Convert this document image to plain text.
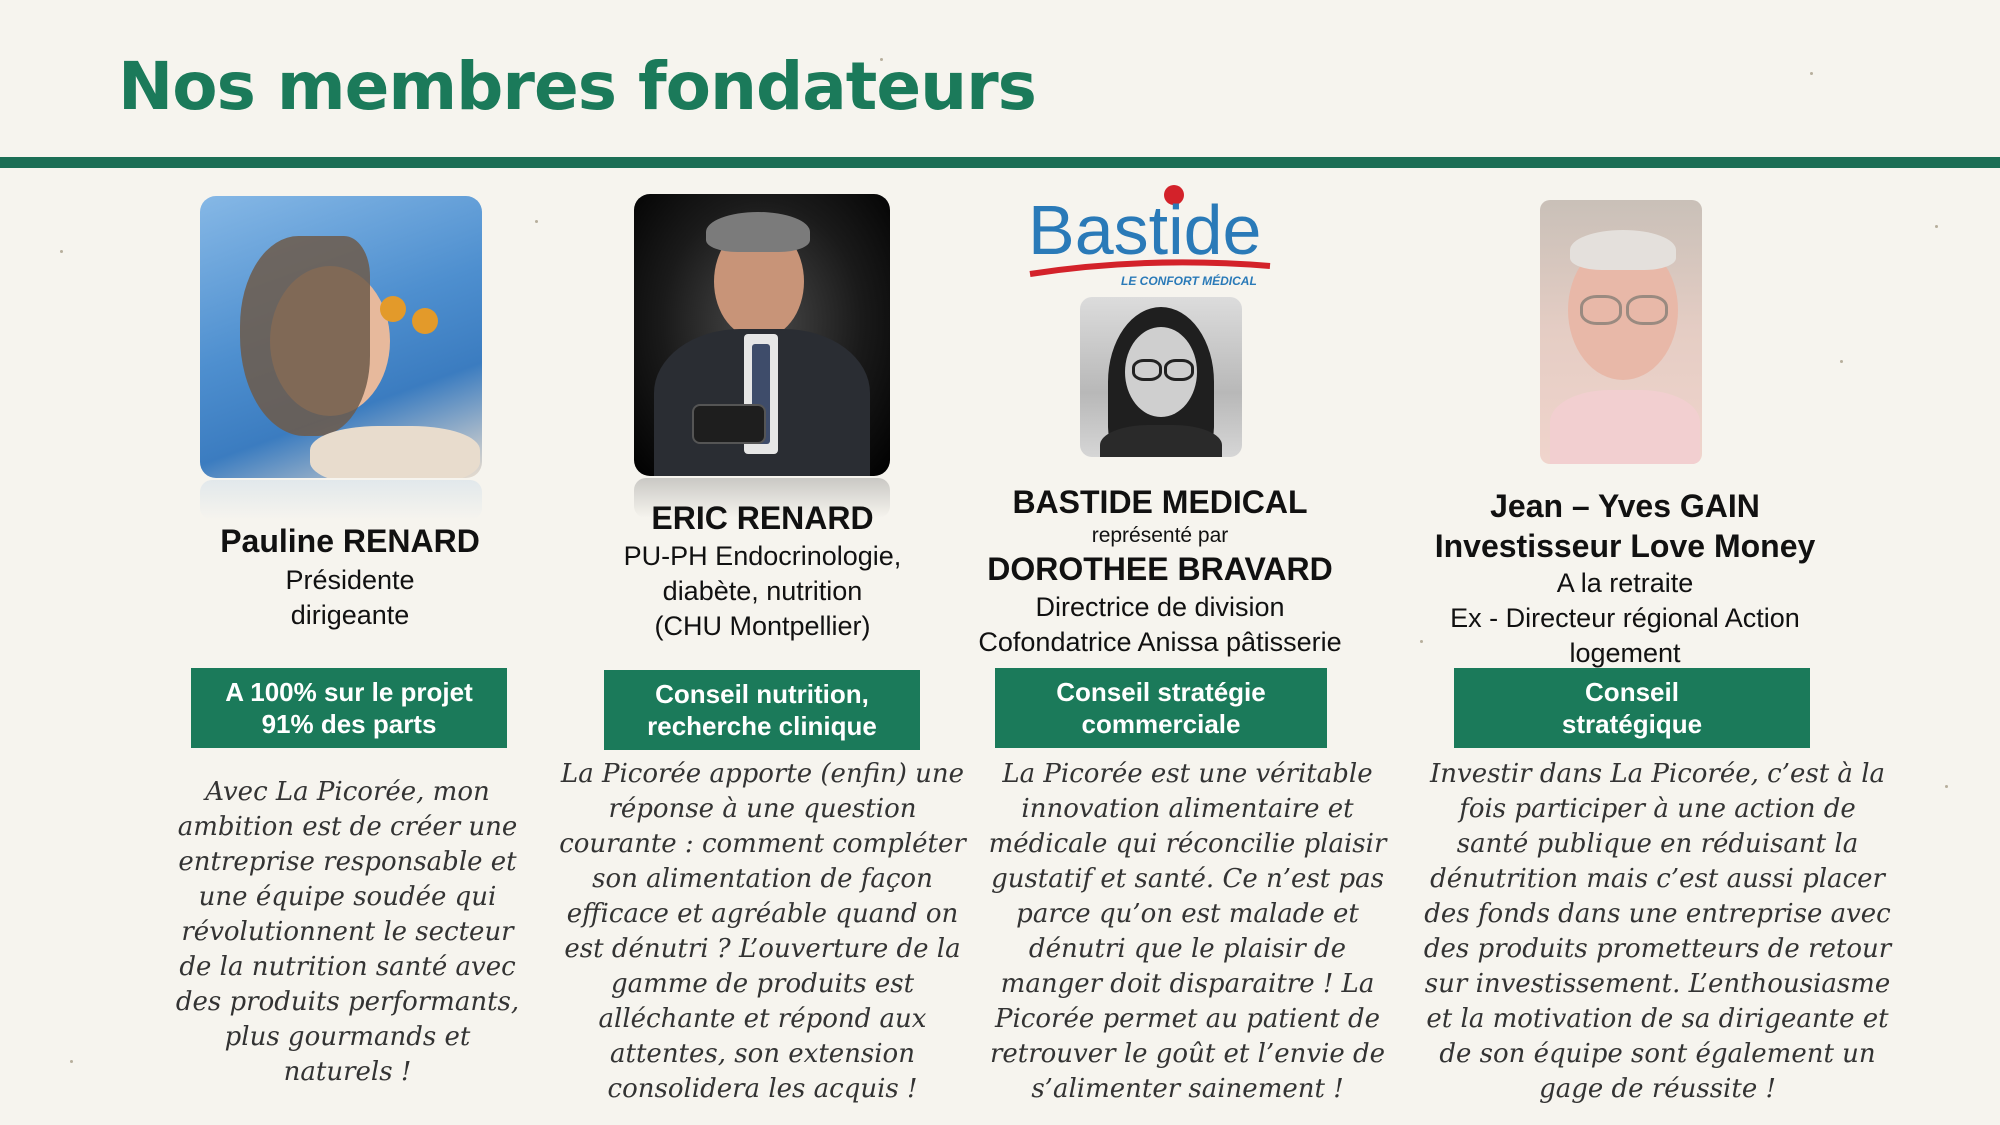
Nos membres fondateurs
Pauline RENARD
Présidente
dirigeante
A 100% sur le projet
91% des parts
Avec La Picorée, mon ambition est de créer une entreprise responsable et une équipe soudée qui révolutionnent le secteur de la nutrition santé avec des produits performants, plus gourmands et naturels !
ERIC RENARD
PU-PH Endocrinologie,
diabète, nutrition
(CHU Montpellier)
Conseil nutrition,
recherche clinique
La Picorée apporte (enfin) une réponse à une question courante : comment compléter son alimentation de façon efficace et agréable quand on est dénutri ? L’ouverture de la gamme de produits est alléchante et répond aux attentes, son extension consolidera les acquis !
Bastide
LE CONFORT MÉDICAL
BASTIDE MEDICAL
représenté par
DOROTHEE BRAVARD
Directrice de division
Cofondatrice Anissa pâtisserie
Conseil stratégie
commerciale
La Picorée est une véritable innovation alimentaire et médicale qui réconcilie plaisir gustatif et santé. Ce n’est pas parce qu’on est malade et dénutri que le plaisir de manger doit disparaitre ! La Picorée permet au patient de retrouver le goût et l’envie de s’alimenter sainement !
Jean – Yves GAIN
Investisseur Love Money
A la retraite
Ex - Directeur régional Action
logement
Conseil
stratégique
Investir dans La Picorée, c’est à la fois participer à une action de santé publique en réduisant la dénutrition mais c’est aussi placer des fonds dans une entreprise avec des produits prometteurs de retour sur investissement. L’enthousiasme et la motivation de sa dirigeante et de son équipe sont également un gage de réussite !
